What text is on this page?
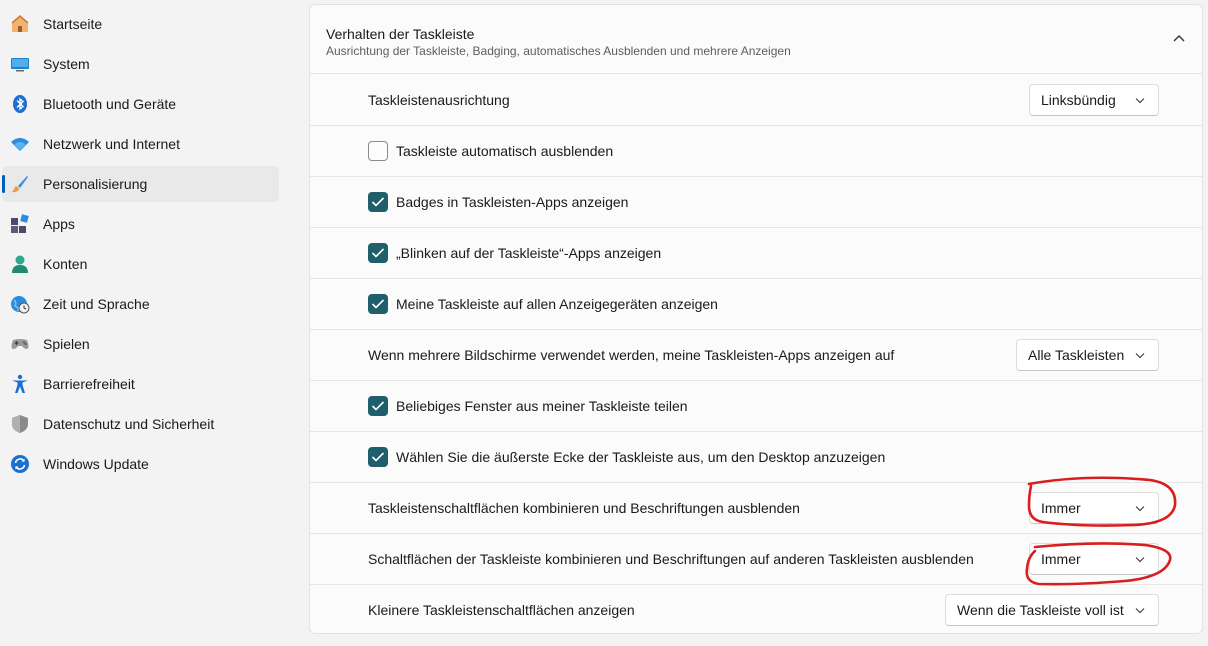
Startseite
System
Bluetooth und Geräte
Netzwerk und Internet
Personalisierung
Apps
Konten
Zeit und Sprache
Spielen
Barrierefreiheit
Datenschutz und Sicherheit
Windows Update
Verhalten der Taskleiste
Ausrichtung der Taskleiste, Badging, automatisches Ausblenden und mehrere Anzeigen
Taskleistenausrichtung	Linksbündig
Taskleiste automatisch ausblenden
Badges in Taskleisten-Apps anzeigen
„Blinken auf der Taskleiste“-Apps anzeigen
Meine Taskleiste auf allen Anzeigegeräten anzeigen
Wenn mehrere Bildschirme verwendet werden, meine Taskleisten-Apps anzeigen auf	Alle Taskleisten
Beliebiges Fenster aus meiner Taskleiste teilen
Wählen Sie die äußerste Ecke der Taskleiste aus, um den Desktop anzuzeigen
Taskleistenschaltflächen kombinieren und Beschriftungen ausblenden	Immer
Schaltflächen der Taskleiste kombinieren und Beschriftungen auf anderen Taskleisten ausblenden	Immer
Kleinere Taskleistenschaltflächen anzeigen	Wenn die Taskleiste voll ist
